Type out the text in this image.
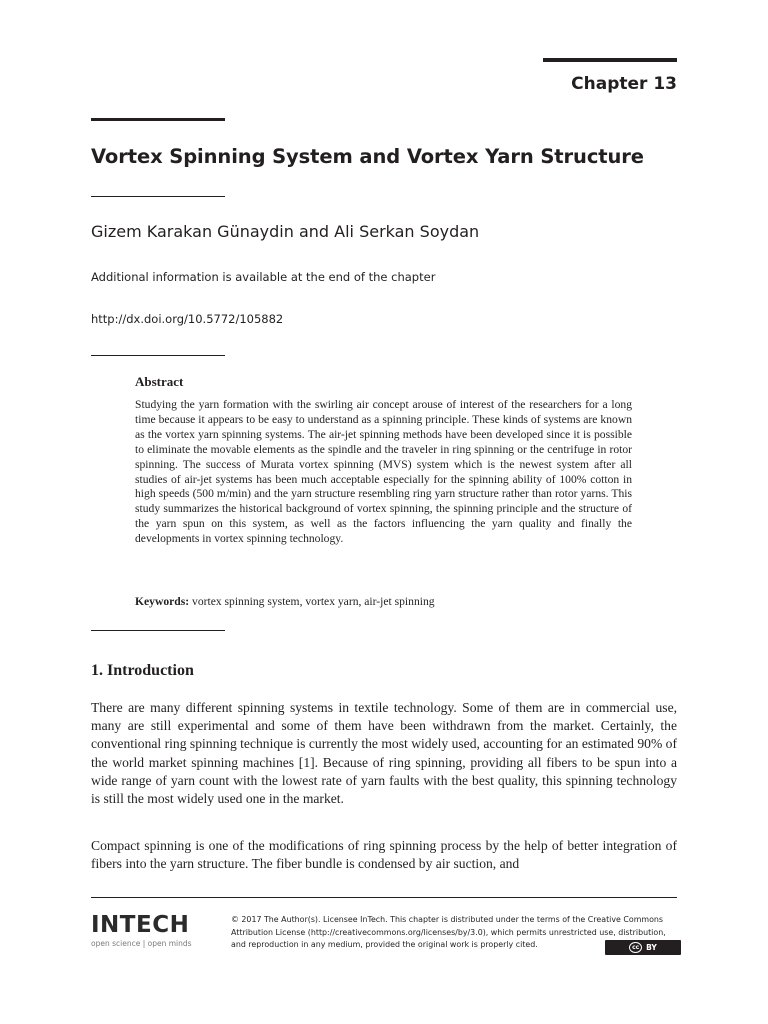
Chapter 13
Vortex Spinning System and Vortex Yarn Structure
Gizem Karakan Günaydin and Ali Serkan Soydan
Additional information is available at the end of the chapter
http://dx.doi.org/10.5772/105882
Abstract
Studying the yarn formation with the swirling air concept arouse of interest of the researchers for a long time because it appears to be easy to understand as a spinning principle. These kinds of systems are known as the vortex yarn spinning systems. The air-jet spinning methods have been developed since it is possible to eliminate the movable elements as the spindle and the traveler in ring spinning or the centrifuge in rotor spinning. The success of Murata vortex spinning (MVS) system which is the newest system after all studies of air-jet systems has been much acceptable especially for the spinning ability of 100% cotton in high speeds (500 m/min) and the yarn structure resembling ring yarn structure rather than rotor yarns. This study summarizes the historical background of vortex spinning, the spinning principle and the structure of the yarn spun on this system, as well as the factors influencing the yarn quality and finally the developments in vortex spinning technology.
Keywords: vortex spinning system, vortex yarn, air-jet spinning
1. Introduction
There are many different spinning systems in textile technology. Some of them are in commercial use, many are still experimental and some of them have been withdrawn from the market. Certainly, the conventional ring spinning technique is currently the most widely used, accounting for an estimated 90% of the world market spinning machines [1]. Because of ring spinning, providing all fibers to be spun into a wide range of yarn count with the lowest rate of yarn faults with the best quality, this spinning technology is still the most widely used one in the market.
Compact spinning is one of the modifications of ring spinning process by the help of better integration of fibers into the yarn structure. The fiber bundle is condensed by air suction, and
INTECH
open science | open minds
© 2017 The Author(s). Licensee InTech. This chapter is distributed under the terms of the Creative Commons Attribution License (http://creativecommons.org/licenses/by/3.0), which permits unrestricted use, distribution, and reproduction in any medium, provided the original work is properly cited.	cc BY
